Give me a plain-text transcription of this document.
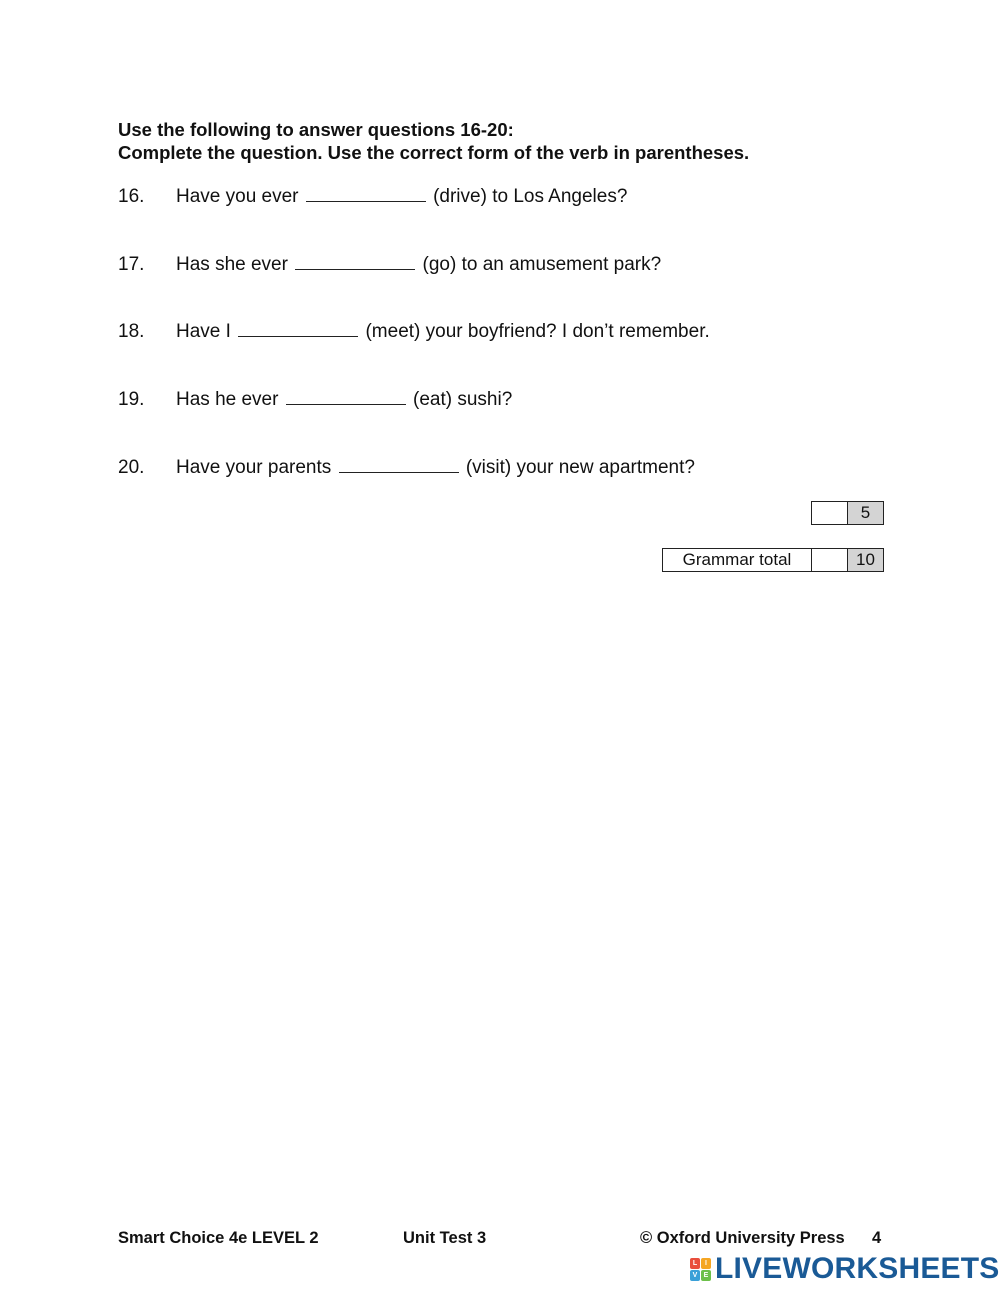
Use the following to answer questions 16-20:
Complete the question. Use the correct form of the verb in parentheses.
16. Have you ever	(drive) to Los Angeles?
17. Has she ever	(go) to an amusement park?
18. Have I	(meet) your boyfriend? I don’t remember.
19. Has he ever	(eat) sushi?
20. Have your parents	(visit) your new apartment?
5
Grammar total	10
Smart Choice 4e LEVEL 2	Unit Test 3	© Oxford University Press 4
L	I
V E LIVEWORKSHEETS
